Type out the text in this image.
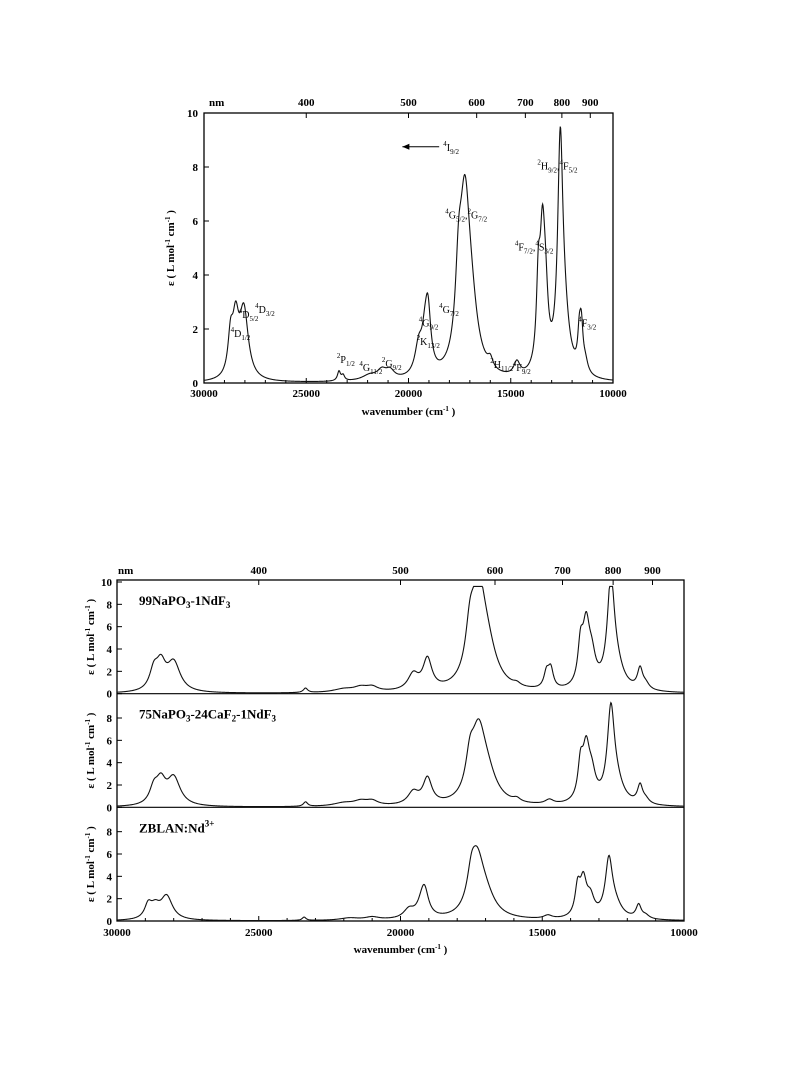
30000	25000	20000	15000	10000
0
2
4
6
8
10
nm	400	500	600	700 800 900
wavenumber ($cm^{-1}$ )
ε ( L mol$^{-1}$ $cm^{-1}$ )
$^4D_{1/2}$
$^4D_{5/2}$
$^4D_{3/2}$
$^2P_{1/2}$ $^4G_{11/2}$
$^2G_{9/2}$
$^2K_{13/2}$
$^4G_{9/2}$
$^4G_{7/2}$
$^4G_{5/2},^2G_{7/2}$
$^2H_{11/2}$
$^4F_{9/2}$
$^4F_{7/2},^4S_{3/2}$
$^2H_{9/2},^4F_{5/2}$
$^4F_{3/2}$
$^4I_{9/2}$
30000	25000	20000	15000	10000
nm	400	500	600	700	800 900
wavenumber ($cm^{-1}$ )
0
2
4
6
8
10
ε ( L mol$^{-1}$ $cm^{-1}$ )	99NaPO$_3$-1NdF$_3$
0
2
4
6
8
ε ( L mol$^{-1}$ $cm^{-1}$ )	75NaPO$_3$-24CaF$_2$-1NdF$_3$
0
2
4
6
8
ε ( L mol$^{-1}$ $cm^{-1}$ )	$ZBLAN:Nd^{3+}$
